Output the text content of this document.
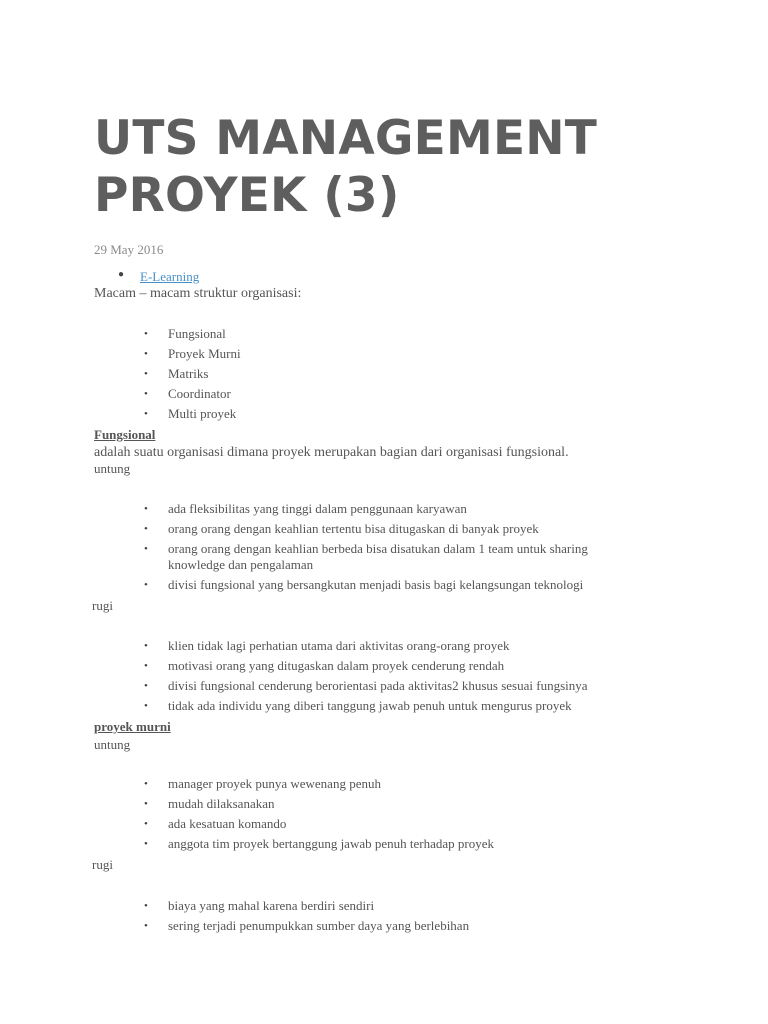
UTS MANAGEMENT PROYEK (3)
29 May 2016
● E-Learning
Macam – macam struktur organisasi:
• Fungsional
• Proyek Murni
• Matriks
• Coordinator
• Multi proyek
Fungsional
adalah suatu organisasi dimana proyek merupakan bagian dari organisasi fungsional.
untung
• ada fleksibilitas yang tinggi dalam penggunaan karyawan
• orang orang dengan keahlian tertentu bisa ditugaskan di banyak proyek
• orang orang dengan keahlian berbeda bisa disatukan dalam 1 team untuk sharing knowledge dan pengalaman
• divisi fungsional yang bersangkutan menjadi basis bagi kelangsungan teknologi
rugi
• klien tidak lagi perhatian utama dari aktivitas orang-orang proyek
• motivasi orang yang ditugaskan dalam proyek cenderung rendah
• divisi fungsional cenderung berorientasi pada aktivitas2 khusus sesuai fungsinya
• tidak ada individu yang diberi tanggung jawab penuh untuk mengurus proyek
proyek murni
untung
• manager proyek punya wewenang penuh
• mudah dilaksanakan
• ada kesatuan komando
• anggota tim proyek bertanggung jawab penuh terhadap proyek
rugi
• biaya yang mahal karena berdiri sendiri
• sering terjadi penumpukkan sumber daya yang berlebihan
